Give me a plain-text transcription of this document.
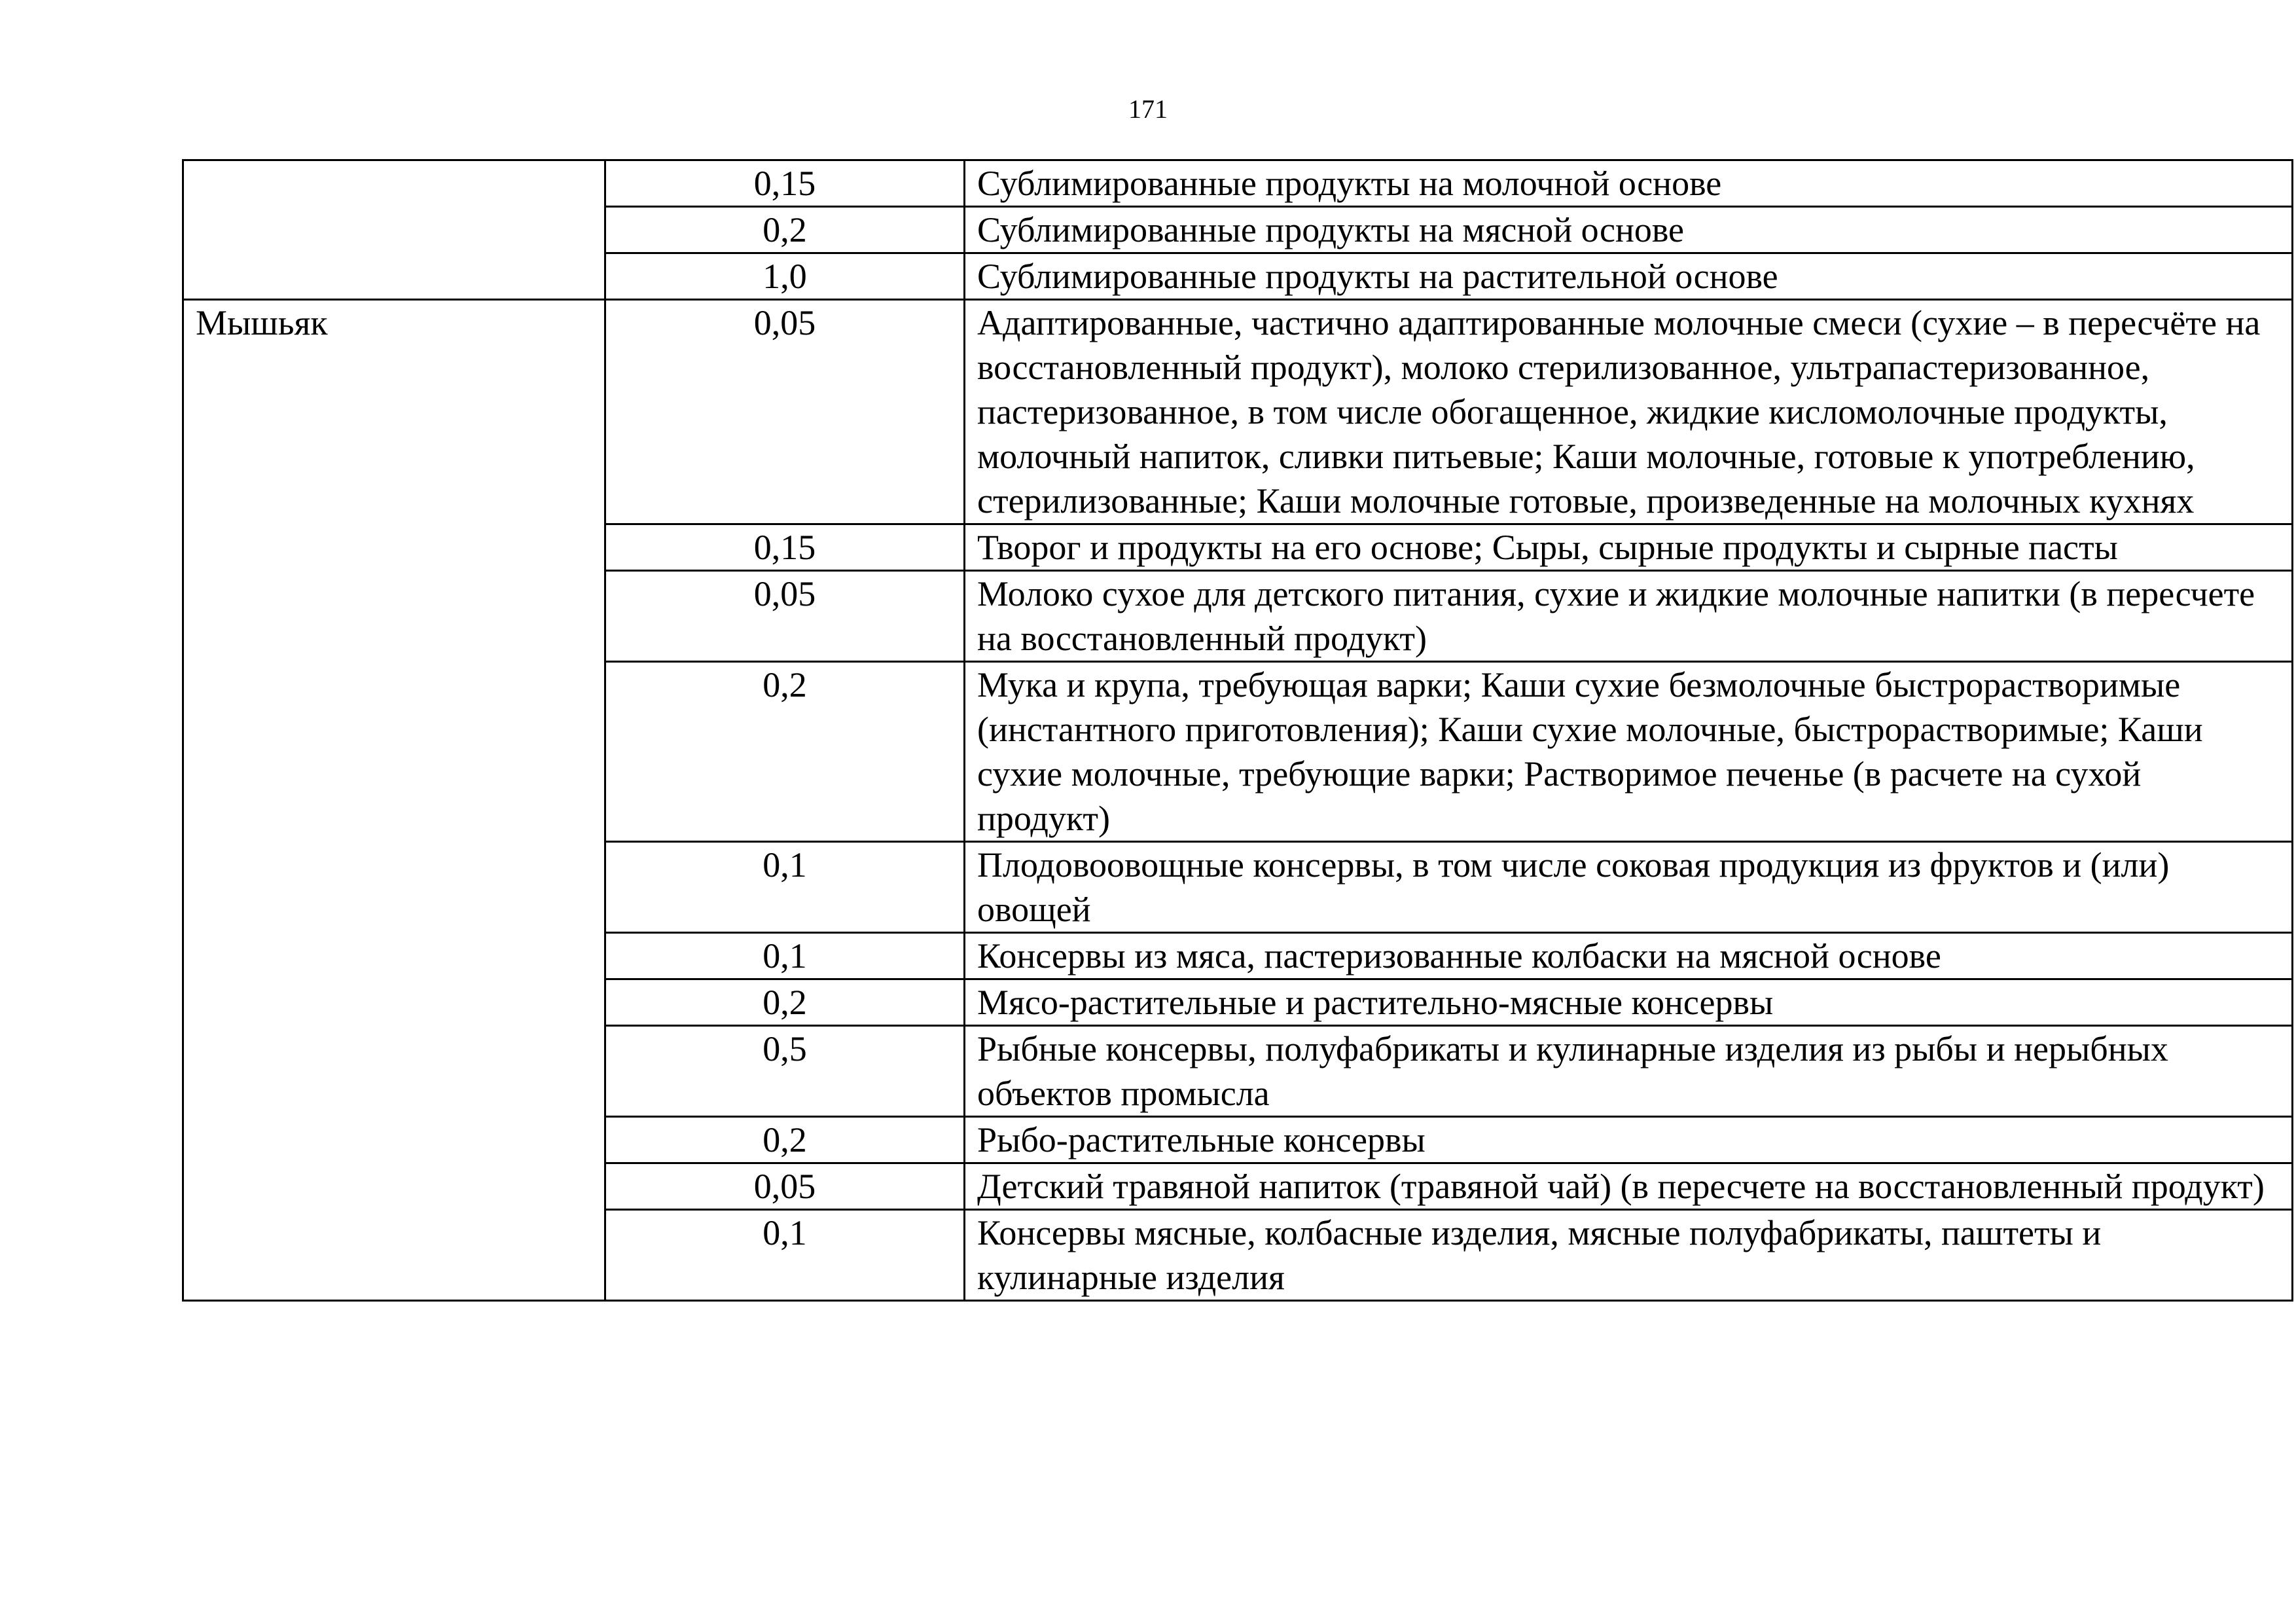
171
	0,15	Сублимированные продукты на молочной основе
	0,2	Сублимированные продукты на мясной основе
	1,0	Сублимированные продукты на растительной основе
Мышьяк	0,05	Адаптированные, частично адаптированные молочные смеси (сухие – в пересчёте на восстановленный продукт), молоко стерилизованное, ультрапастеризованное, пастеризованное, в том числе обогащенное, жидкие кисломолочные продукты, молочный напиток, сливки питьевые; Каши молочные, готовые к употреблению, стерилизованные; Каши молочные готовые, произведенные на молочных кухнях
	0,15	Творог и продукты на его основе; Сыры, сырные продукты и сырные пасты
	0,05	Молоко сухое для детского питания, сухие и жидкие молочные напитки (в пересчете на восстановленный продукт)
	0,2	Мука и крупа, требующая варки; Каши сухие безмолочные быстрорастворимые (инстантного приготовления); Каши сухие молочные, быстрорастворимые; Каши сухие молочные, требующие варки; Растворимое печенье (в расчете на сухой продукт)
	0,1	Плодовоовощные консервы, в том числе соковая продукция из фруктов и (или) овощей
	0,1	Консервы из мяса, пастеризованные колбаски на мясной основе
	0,2	Мясо-растительные и растительно-мясные консервы
	0,5	Рыбные консервы, полуфабрикаты и кулинарные изделия из рыбы и нерыбных объектов промысла
	0,2	Рыбо-растительные консервы
	0,05	Детский травяной напиток (травяной чай) (в пересчете на восстановленный продукт)
	0,1	Консервы мясные, колбасные изделия, мясные полуфабрикаты, паштеты и кулинарные изделия
